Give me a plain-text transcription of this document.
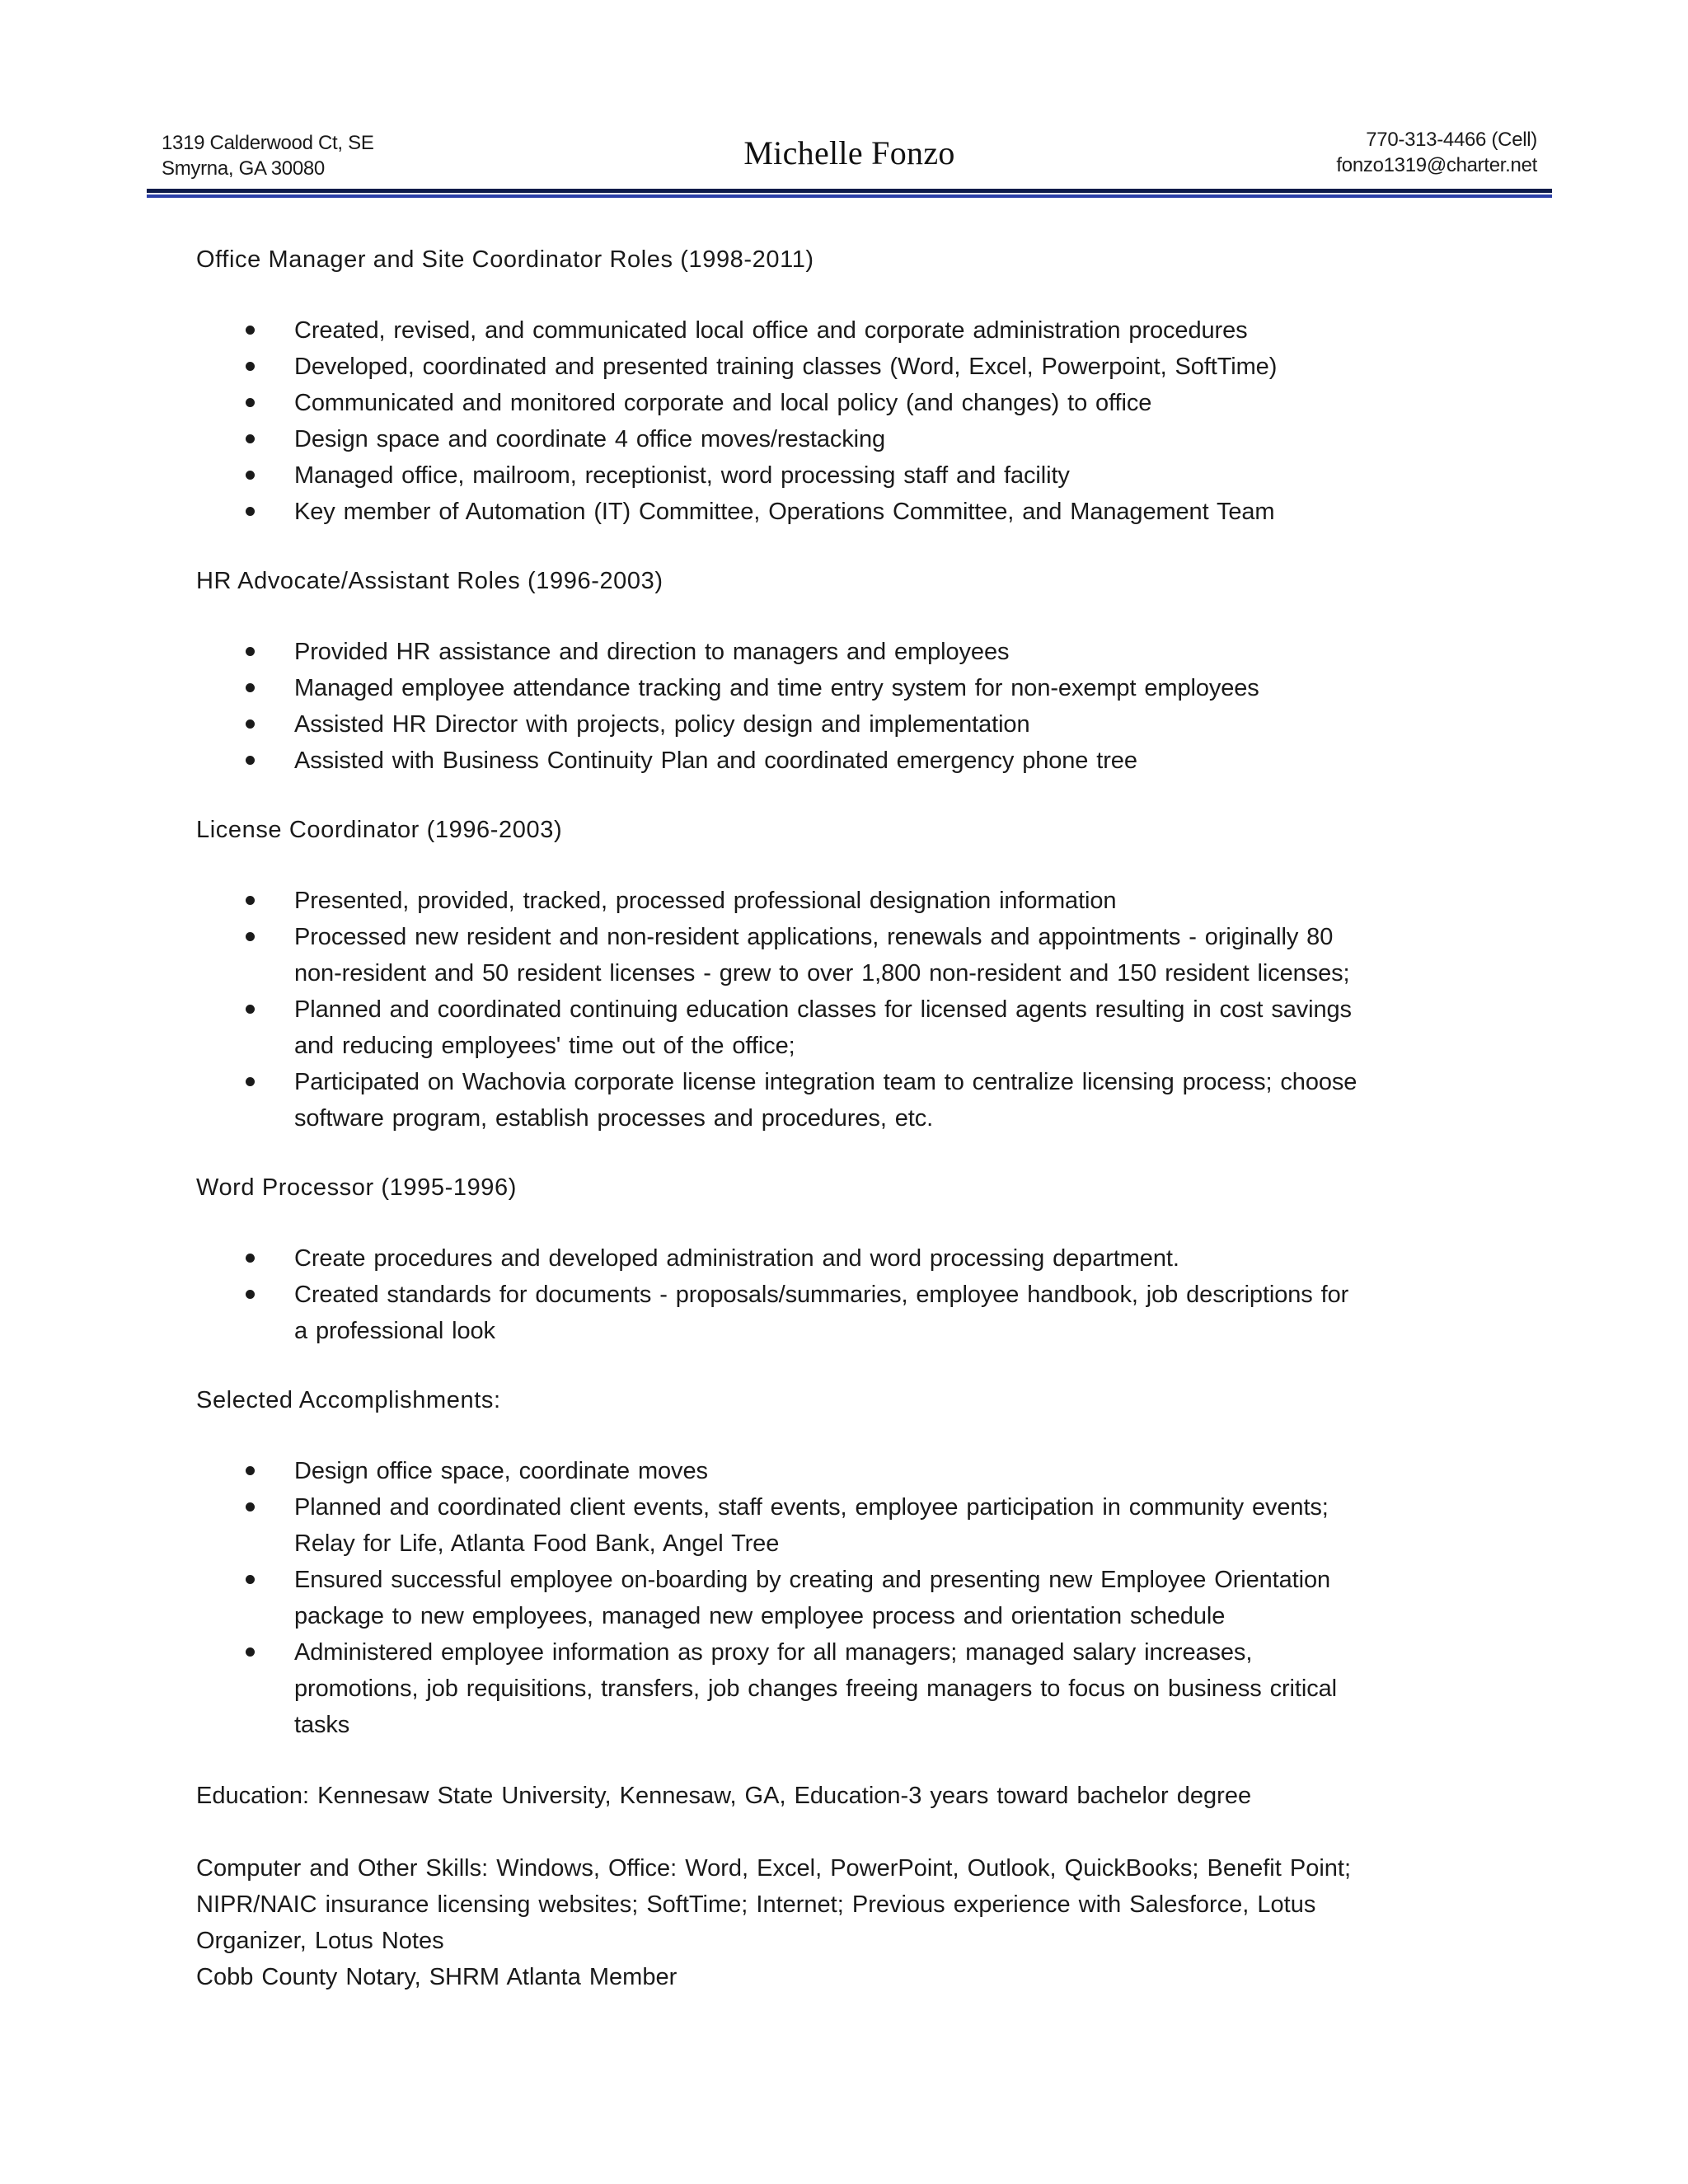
1319 Calderwood Ct, SE
Smyrna, GA 30080	Michelle Fonzo	770-313-4466 (Cell)
fonzo1319@charter.net
Office Manager and Site Coordinator Roles (1998-2011)
Created, revised, and communicated local office and corporate administration procedures
Developed, coordinated and presented training classes (Word, Excel, Powerpoint, SoftTime)
Communicated and monitored corporate and local policy (and changes) to office
Design space and coordinate 4 office moves/restacking
Managed office, mailroom, receptionist, word processing staff and facility
Key member of Automation (IT) Committee, Operations Committee, and Management Team
HR Advocate/Assistant Roles (1996-2003)
Provided HR assistance and direction to managers and employees
Managed employee attendance tracking and time entry system for non-exempt employees
Assisted HR Director with projects, policy design and implementation
Assisted with Business Continuity Plan and coordinated emergency phone tree
License Coordinator (1996-2003)
Presented, provided, tracked, processed professional designation information
Processed new resident and non-resident applications, renewals and appointments - originally 80
non-resident and 50 resident licenses - grew to over 1,800 non-resident and 150 resident licenses;
Planned and coordinated continuing education classes for licensed agents resulting in cost savings
and reducing employees' time out of the office;
Participated on Wachovia corporate license integration team to centralize licensing process; choose
software program, establish processes and procedures, etc.
Word Processor (1995-1996)
Create procedures and developed administration and word processing department.
Created standards for documents - proposals/summaries, employee handbook, job descriptions for
a professional look
Selected Accomplishments:
Design office space, coordinate moves
Planned and coordinated client events, staff events, employee participation in community events;
Relay for Life, Atlanta Food Bank, Angel Tree
Ensured successful employee on-boarding by creating and presenting new Employee Orientation
package to new employees, managed new employee process and orientation schedule
Administered employee information as proxy for all managers; managed salary increases,
promotions, job requisitions, transfers, job changes freeing managers to focus on business critical
tasks

Education: Kennesaw State University, Kennesaw, GA, Education-3 years toward bachelor degree

Computer and Other Skills: Windows, Office: Word, Excel, PowerPoint, Outlook, QuickBooks; Benefit Point;

NIPR/NAIC insurance licensing websites; SoftTime; Internet; Previous experience with Salesforce, Lotus

Organizer, Lotus Notes

Cobb County Notary, SHRM Atlanta Member
